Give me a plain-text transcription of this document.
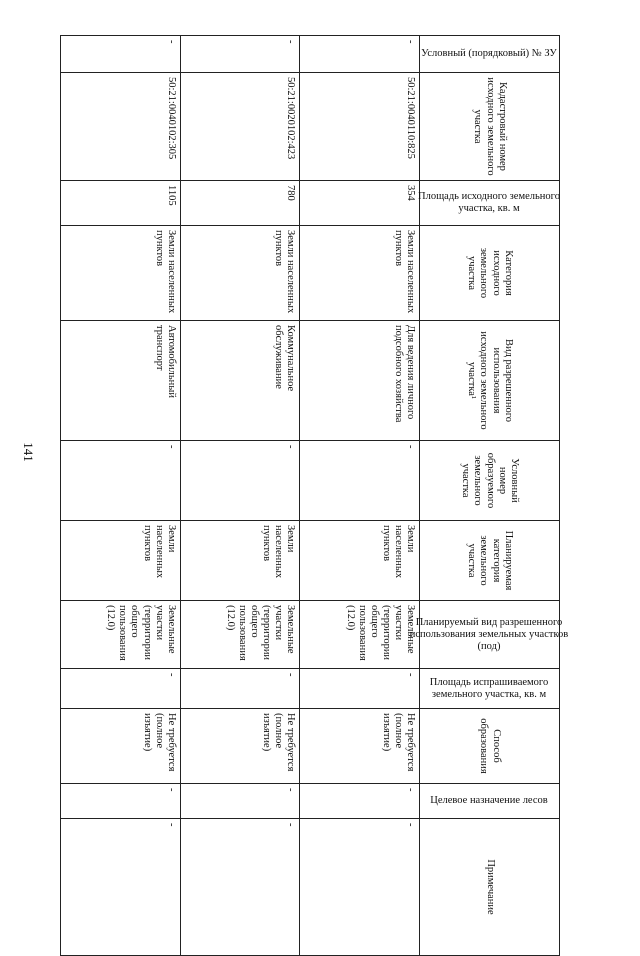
141
Условный (порядковый) № ЗУ	Кадастровый номер исходного земельного участка	Площадь исходного земельного участка, кв. м	Категория исходного земельного участка	Вид разрешенного использования исходного земельного участка¹	Условный номер образуемого земельного участка	Планируемая категория земельного участка	Планируемый вид разрешенного использования земельных участков (под)	Площадь испрашиваемого земельного участка, кв. м	Способ образования	Целевое назначение лесов	Примечание
-	50:21:0040110:825	354	Земли населенных пунктов	Для ведения личного подсобного хозяйства	-	Земли населенных пунктов	Земельные участки (территории общего пользования (12.0)	-	Не требуется (полное изъятие)	-	-
-	50:21:0020102:423	780	Земли населенных пунктов	Коммунальное обслуживание	-	Земли населенных пунктов	Земельные участки (территории общего пользования (12.0)	-	Не требуется (полное изъятие)	-	-
-	50:21:0040102:305	1105	Земли населенных пунктов	Автомобильный транспорт	-	Земли населенных пунктов	Земельные участки (территории общего пользования (12.0)	-	Не требуется (полное изъятие)	-	-
